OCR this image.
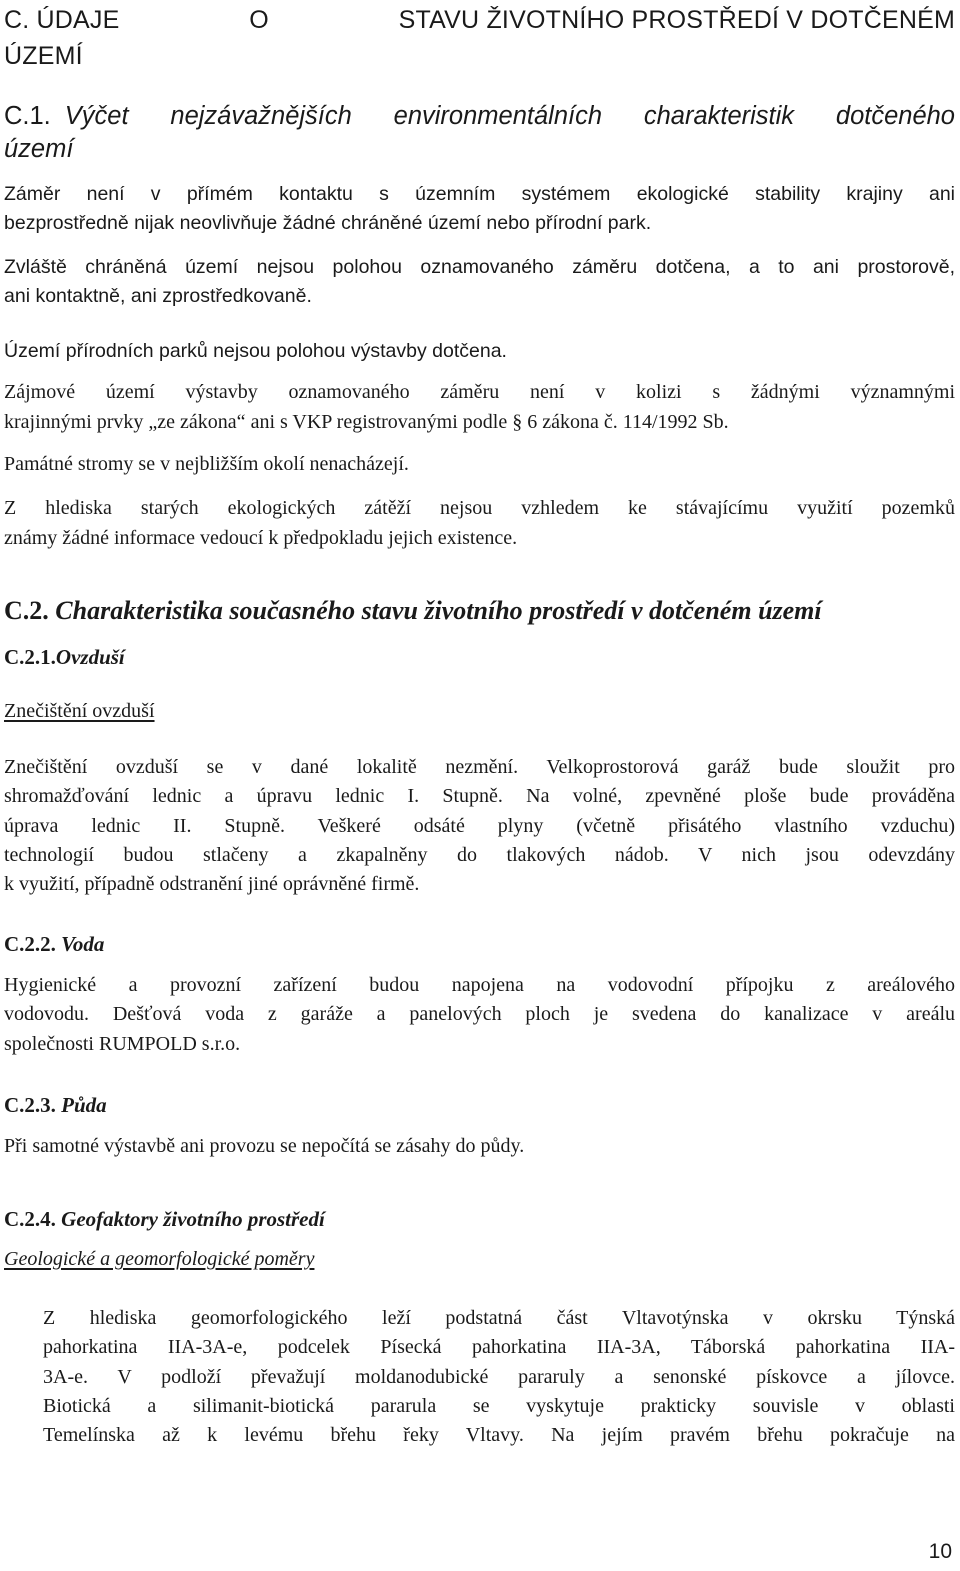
C. ÚDAJE	O	STAVU ŽIVOTNÍHO PROSTŘEDÍ V DOTČENÉM
ÚZEMÍ
C.1. Výčet nejzávažnějších environmentálních charakteristik dotčeného
území
Záměr není v přímém kontaktu s územním systémem ekologické stability krajiny ani
bezprostředně nijak neovlivňuje žádné chráněné území nebo přírodní park.
Zvláště chráněná území nejsou polohou oznamovaného záměru dotčena, a to ani prostorově,
ani kontaktně, ani zprostředkovaně.
Území přírodních parků nejsou polohou výstavby dotčena.
Zájmové území výstavby oznamovaného záměru není v kolizi s žádnými významnými
krajinnými prvky „ze zákona“ ani s VKP registrovanými podle § 6 zákona č. 114/1992 Sb.
Památné stromy se v nejbližším okolí nenacházejí.
Z hlediska starých ekologických zátěží nejsou vzhledem ke stávajícímu využití pozemků
známy žádné informace vedoucí k předpokladu jejich existence.
C.2. Charakteristika současného stavu životního prostředí v dotčeném území
C.2.1.Ovzduší
Znečištění ovzduší
Znečištění ovzduší se v dané lokalitě nezmění. Velkoprostorová garáž bude sloužit pro
shromažďování lednic a úpravu lednic I. Stupně. Na volné, zpevněné ploše bude prováděna
úprava lednic II. Stupně. Veškeré odsáté plyny (včetně přisátého vlastního vzduchu)
technologií budou stlačeny a zkapalněny do tlakových nádob. V nich jsou odevzdány
k využití, případně odstranění jiné oprávněné firmě.
C.2.2. Voda
Hygienické a provozní zařízení budou napojena na vodovodní přípojku z areálového
vodovodu. Dešťová voda z garáže a panelových ploch je svedena do kanalizace v areálu
společnosti RUMPOLD s.r.o.
C.2.3. Půda
Při samotné výstavbě ani provozu se nepočítá se zásahy do půdy.
C.2.4. Geofaktory životního prostředí
Geologické a geomorfologické poměry
Z hlediska geomorfologického leží podstatná část Vltavotýnska v okrsku Týnská
pahorkatina IIA-3A-e, podcelek Písecká pahorkatina IIA-3A, Táborská pahorkatina IIA-
3A-e. V podloží převažují moldanodubické pararuly a senonské pískovce a jílovce.
Biotická a silimanit-biotická pararula se vyskytuje prakticky souvisle v oblasti
Temelínska až k levému břehu řeky Vltavy. Na jejím pravém břehu pokračuje na
10
